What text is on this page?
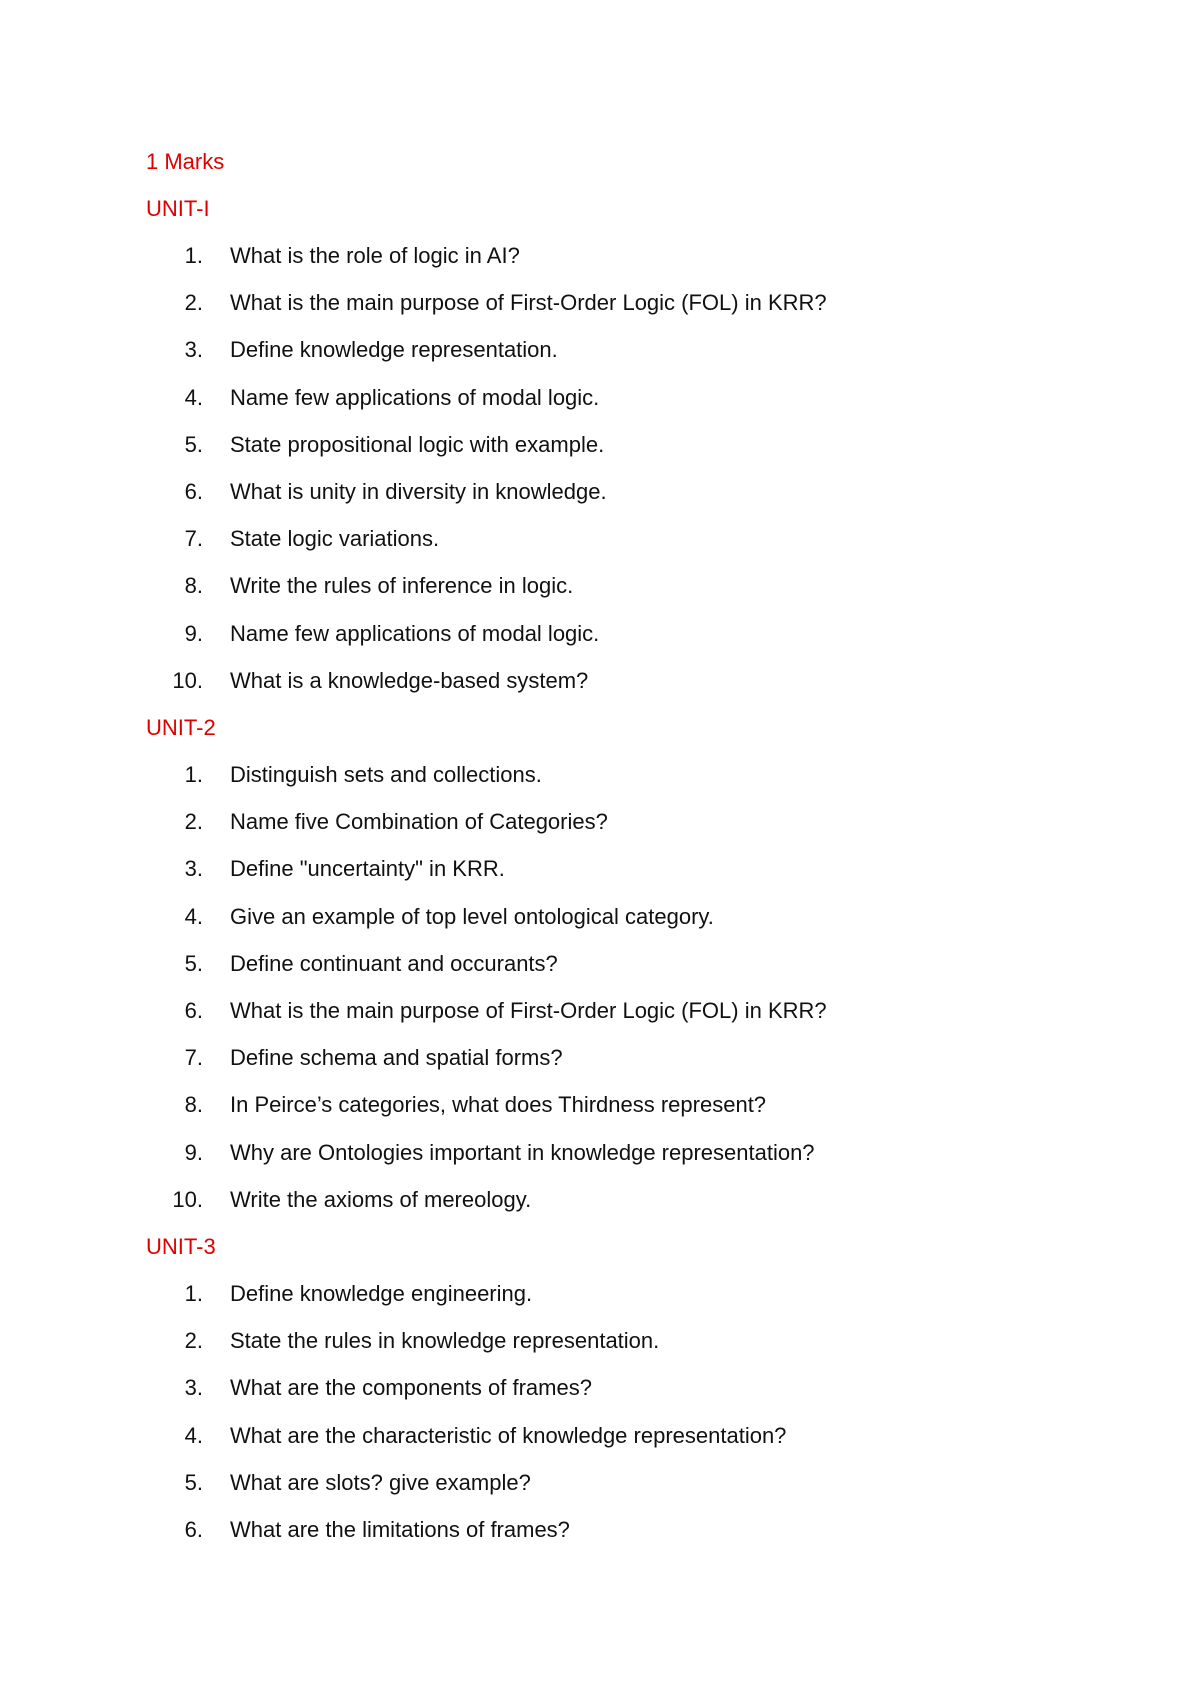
1 Marks
UNIT-I
1. What is the role of logic in AI?
2. What is the main purpose of First-Order Logic (FOL) in KRR?
3. Define knowledge representation.
4. Name few applications of modal logic.
5. State propositional logic with example.
6. What is unity in diversity in knowledge.
7. State logic variations.
8. Write the rules of inference in logic.
9. Name few applications of modal logic.
10. What is a knowledge-based system?
UNIT-2
1. Distinguish sets and collections.
2. Name five Combination of Categories?
3. Define "uncertainty" in KRR.
4. Give an example of top level ontological category.
5. Define continuant and occurants?
6. What is the main purpose of First-Order Logic (FOL) in KRR?
7. Define schema and spatial forms?
8. In Peirce’s categories, what does Thirdness represent?
9. Why are Ontologies important in knowledge representation?
10. Write the axioms of mereology.
UNIT-3
1. Define knowledge engineering.
2. State the rules in knowledge representation.
3. What are the components of frames?
4. What are the characteristic of knowledge representation?
5. What are slots? give example?
6. What are the limitations of frames?
